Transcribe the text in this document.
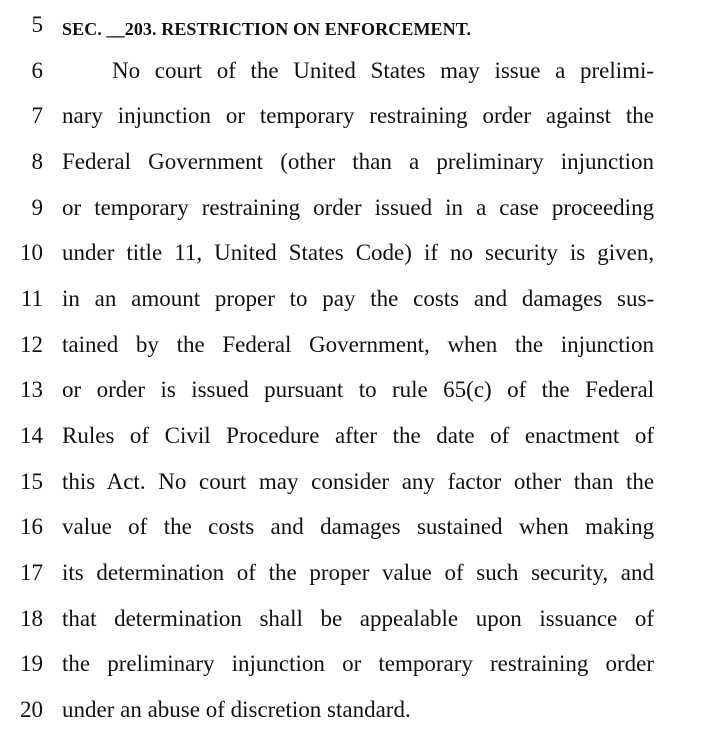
5 SEC. __203. RESTRICTION ON ENFORCEMENT.
6	No court of the United States may issue a prelimi-
7 nary injunction or temporary restraining order against the
8 Federal Government (other than a preliminary injunction
9 or temporary restraining order issued in a case proceeding
10 under title 11, United States Code) if no security is given,
11 in an amount proper to pay the costs and damages sus-
12 tained by the Federal Government, when the injunction
13 or order is issued pursuant to rule 65(c) of the Federal
14 Rules of Civil Procedure after the date of enactment of
15 this Act. No court may consider any factor other than the
16 value of the costs and damages sustained when making
17 its determination of the proper value of such security, and
18 that determination shall be appealable upon issuance of
19 the preliminary injunction or temporary restraining order
20 under an abuse of discretion standard.
